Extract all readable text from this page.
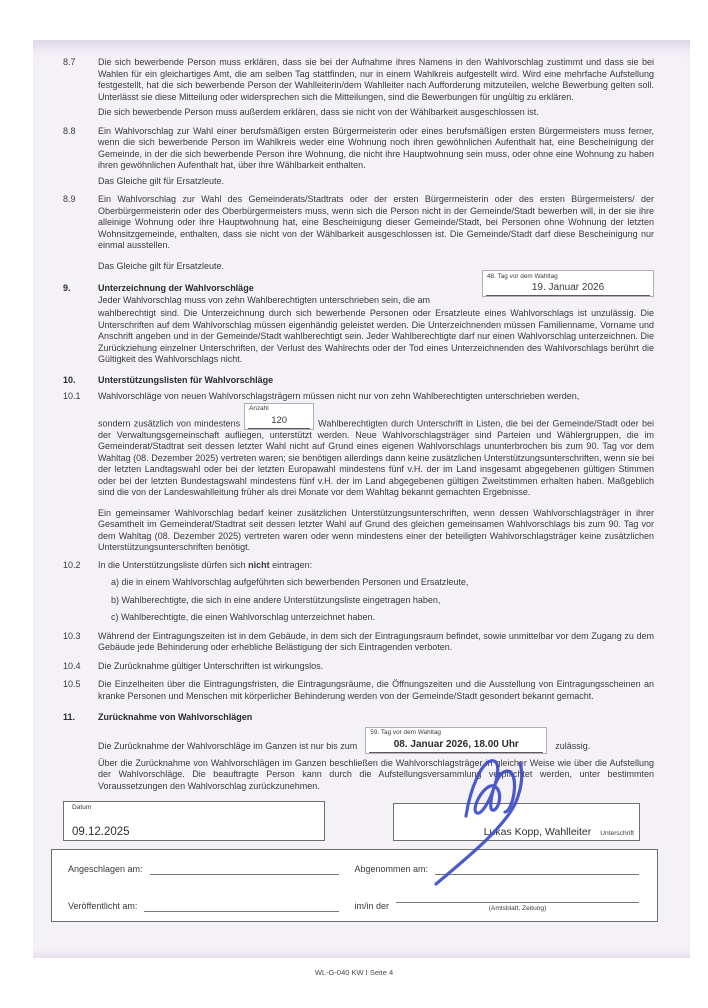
8.7	Die sich bewerbende Person muss erklären, dass sie bei der Aufnahme ihres Namens in den Wahlvorschlag zustimmt und dass sie bei Wahlen für ein gleichartiges Amt, die am selben Tag stattfinden, nur in einem Wahlkreis aufgestellt wird. Wird eine mehrfache Aufstellung festgestellt, hat die sich bewerbende Person der Wahlleiterin/dem Wahlleiter nach Aufforderung mitzuteilen, welche Bewerbung gelten soll. Unterlässt sie diese Mitteilung oder widersprechen sich die Mitteilungen, sind die Bewerbungen für ungültig zu erklären.

Die sich bewerbende Person muss außerdem erklären, dass sie nicht von der Wählbarkeit ausgeschlossen ist.

8.8	Ein Wahlvorschlag zur Wahl einer berufsmäßigen ersten Bürgermeisterin oder eines berufsmäßigen ersten Bürgermeisters muss ferner, wenn die sich bewerbende Person im Wahlkreis weder eine Wohnung noch ihren gewöhnlichen Aufenthalt hat, eine Bescheinigung der Gemeinde, in der die sich bewerbende Person ihre Wohnung, die nicht ihre Hauptwohnung sein muss, oder ohne eine Wohnung zu haben ihren gewöhnlichen Aufenthalt hat, über ihre Wählbarkeit enthalten.

Das Gleiche gilt für Ersatzleute.

8.9	Ein Wahlvorschlag zur Wahl des Gemeinderats/Stadtrats oder der ersten Bürgermeisterin oder des ersten Bürgermeisters/ der Oberbürgermeisterin oder des Oberbürgermeisters muss, wenn sich die Person nicht in der Gemeinde/Stadt bewerben will, in der sie ihre alleinige Wohnung oder ihre Hauptwohnung hat, eine Bescheinigung dieser Gemeinde/Stadt, bei Personen ohne Wohnung der letzten Wohnsitzgemeinde, enthalten, dass sie nicht von der Wählbarkeit ausgeschlossen ist. Die Gemeinde/Stadt darf diese Bescheinigung nur einmal ausstellen.

Das Gleiche gilt für Ersatzleute.

9.	Unterzeichnung der Wahlvorschläge

48. Tag vor dem Wahltag
19. Januar 2026

Jeder Wahlvorschlag muss von zehn Wahlberechtigten unterschrieben sein, die am

wahlberechtigt sind. Die Unterzeichnung durch sich bewerbende Personen oder Ersatzleute eines Wahlvorschlags ist unzulässig. Die Unterschriften auf dem Wahlvorschlag müssen eigenhändig geleistet werden. Die Unterzeichnenden müssen Familienname, Vorname und Anschrift angeben und in der Gemeinde/Stadt wahlberechtigt sein. Jeder Wahlberechtigte darf nur einen Wahlvorschlag unterzeichnen. Die Zurückziehung einzelner Unterschriften, der Verlust des Wahlrechts oder der Tod eines Unterzeichnenden des Wahlvorschlags berührt die Gültigkeit des Wahlvorschlags nicht.

10.	Unterstützungslisten für Wahlvorschläge

10.1	Wahlvorschläge von neuen Wahlvorschlagsträgern müssen nicht nur von zehn Wahlberechtigten unterschrieben werden,

sondern zusätzlich von mindestens
Anzahl
120	Wahlberechtigten durch Unterschrift in Listen, die bei der Gemeinde/Stadt oder bei der Verwaltungsgemeinschaft aufliegen, unterstützt werden. Neue Wahlvorschlagsträger sind Parteien und Wählergruppen, die im Gemeinderat/Stadtrat seit dessen letzter Wahl nicht auf Grund eines eigenen Wahlvorschlags ununterbrochen bis zum 90. Tag vor dem Wahltag (08. Dezember 2025) vertreten waren; sie benötigen allerdings dann keine zusätzlichen Unterstützungsunterschriften, wenn sie bei der letzten Landtagswahl oder bei der letzten Europawahl mindestens fünf v.H. der im Land insgesamt abgegebenen gültigen Stimmen oder bei der letzten Bundestagswahl mindestens fünf v.H. der im Land abgegebenen gültigen Zweitstimmen erhalten haben. Maßgeblich sind die von der Landeswahlleitung früher als drei Monate vor dem Wahltag bekannt gemachten Ergebnisse.

Ein gemeinsamer Wahlvorschlag bedarf keiner zusätzlichen Unterstützungsunterschriften, wenn dessen Wahlvorschlagsträger in ihrer Gesamtheit im Gemeinderat/Stadtrat seit dessen letzter Wahl auf Grund des gleichen gemeinsamen Wahlvorschlags bis zum 90. Tag vor dem Wahltag (08. Dezember 2025) vertreten waren oder wenn mindestens einer der beteiligten Wahlvorschlagsträger keine zusätzlichen Unterstützungsunterschriften benötigt.

10.2	In die Unterstützungsliste dürfen sich nicht eintragen:

a) die in einem Wahlvorschlag aufgeführten sich bewerbenden Personen und Ersatzleute,
b) Wahlberechtigte, die sich in eine andere Unterstützungsliste eingetragen haben,
c) Wahlberechtigte, die einen Wahlvorschlag unterzeichnet haben.
10.3	Während der Eintragungszeiten ist in dem Gebäude, in dem sich der Eintragungsraum befindet, sowie unmittelbar vor dem Zugang zu dem Gebäude jede Behinderung oder erhebliche Belästigung der sich Eintragenden verboten.

10.4	Die Zurücknahme gültiger Unterschriften ist wirkungslos.

10.5	Die Einzelheiten über die Eintragungsfristen, die Eintragungsräume, die Öffnungszeiten und die Ausstellung von Eintragungsscheinen an kranke Personen und Menschen mit körperlicher Behinderung werden von der Gemeinde/Stadt gesondert bekannt gemacht.

11.	Zurücknahme von Wahlvorschlägen

Die Zurücknahme der Wahlvorschläge im Ganzen ist nur bis zum
59. Tag vor dem Wahltag
08. Januar 2026, 18.00 Uhr	zulässig.

Über die Zurücknahme von Wahlvorschlägen im Ganzen beschließen die Wahlvorschlagsträger in gleicher Weise wie über die Aufstellung der Wahlvorschläge. Die beauftragte Person kann durch die Aufstellungsversammlung verpflichtet werden, unter bestimmten Voraussetzungen den Wahlvorschlag zurückzunehmen.

Datum
09.12.2025	Lukas Kopp, Wahlleiter Unterschrift
Angeschlagen am:	Abgenommen am:
Veröffentlicht am:	im/in der	(Amtsblatt, Zeitung)
WL-G-040 KW I Seite 4
